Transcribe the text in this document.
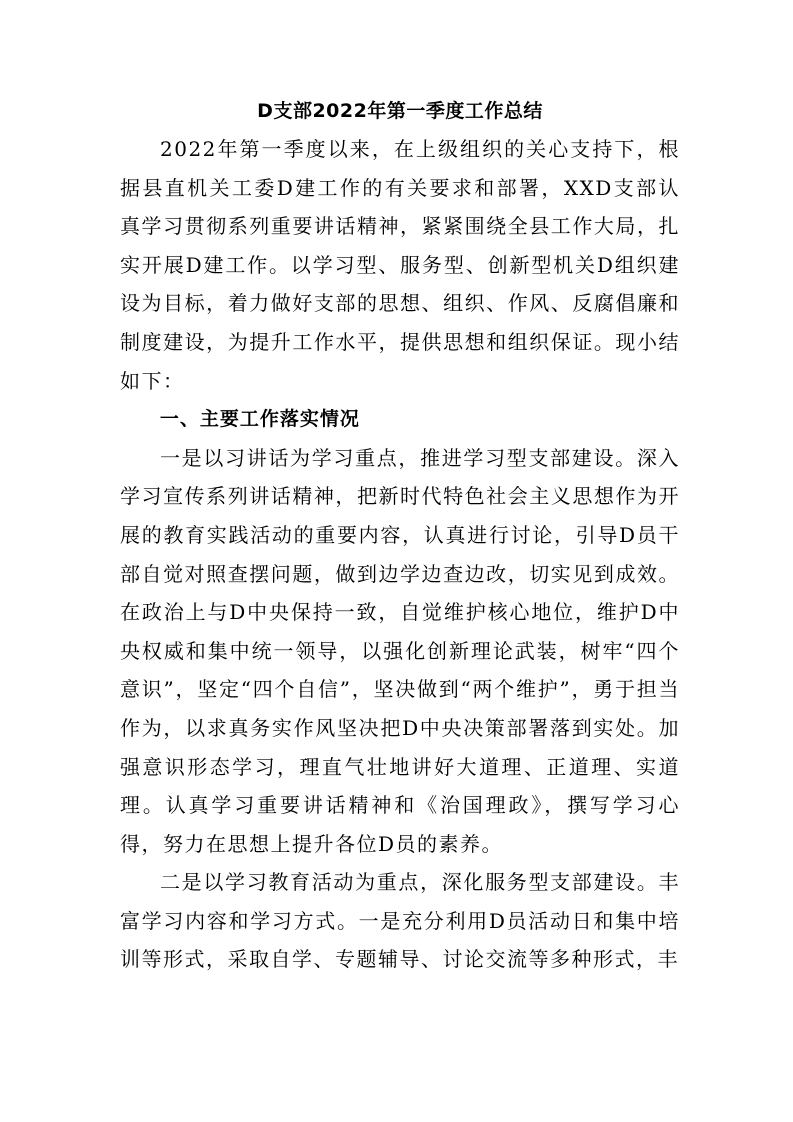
D支部2022年第一季度工作总结

2022年第一季度以来，在上级组织的关心支持下，根据县直机关工委D建工作的有关要求和部署，XXD支部认真学习贯彻系列重要讲话精神，紧紧围绕全县工作大局，扎实开展D建工作。以学习型、服务型、创新型机关D组织建设为目标，着力做好支部的思想、组织、作风、反腐倡廉和制度建设，为提升工作水平，提供思想和组织保证。现小结如下：

一、主要工作落实情况

一是以习讲话为学习重点，推进学习型支部建设。深入学习宣传系列讲话精神，把新时代特色社会主义思想作为开展的教育实践活动的重要内容，认真进行讨论，引导D员干部自觉对照查摆问题，做到边学边查边改，切实见到成效。在政治上与D中央保持一致，自觉维护核心地位，维护D中央权威和集中统一领导，以强化创新理论武装，树牢“四个意识”，坚定“四个自信”，坚决做到“两个维护”，勇于担当作为，以求真务实作风坚决把D中央决策部署落到实处。加强意识形态学习，理直气壮地讲好大道理、正道理、实道理。认真学习重要讲话精神和《治国理政》，撰写学习心得，努力在思想上提升各位D员的素养。

二是以学习教育活动为重点，深化服务型支部建设。丰富学习内容和学习方式。一是充分利用D员活动日和集中培训等形式，采取自学、专题辅导、讨论交流等多种形式，丰
